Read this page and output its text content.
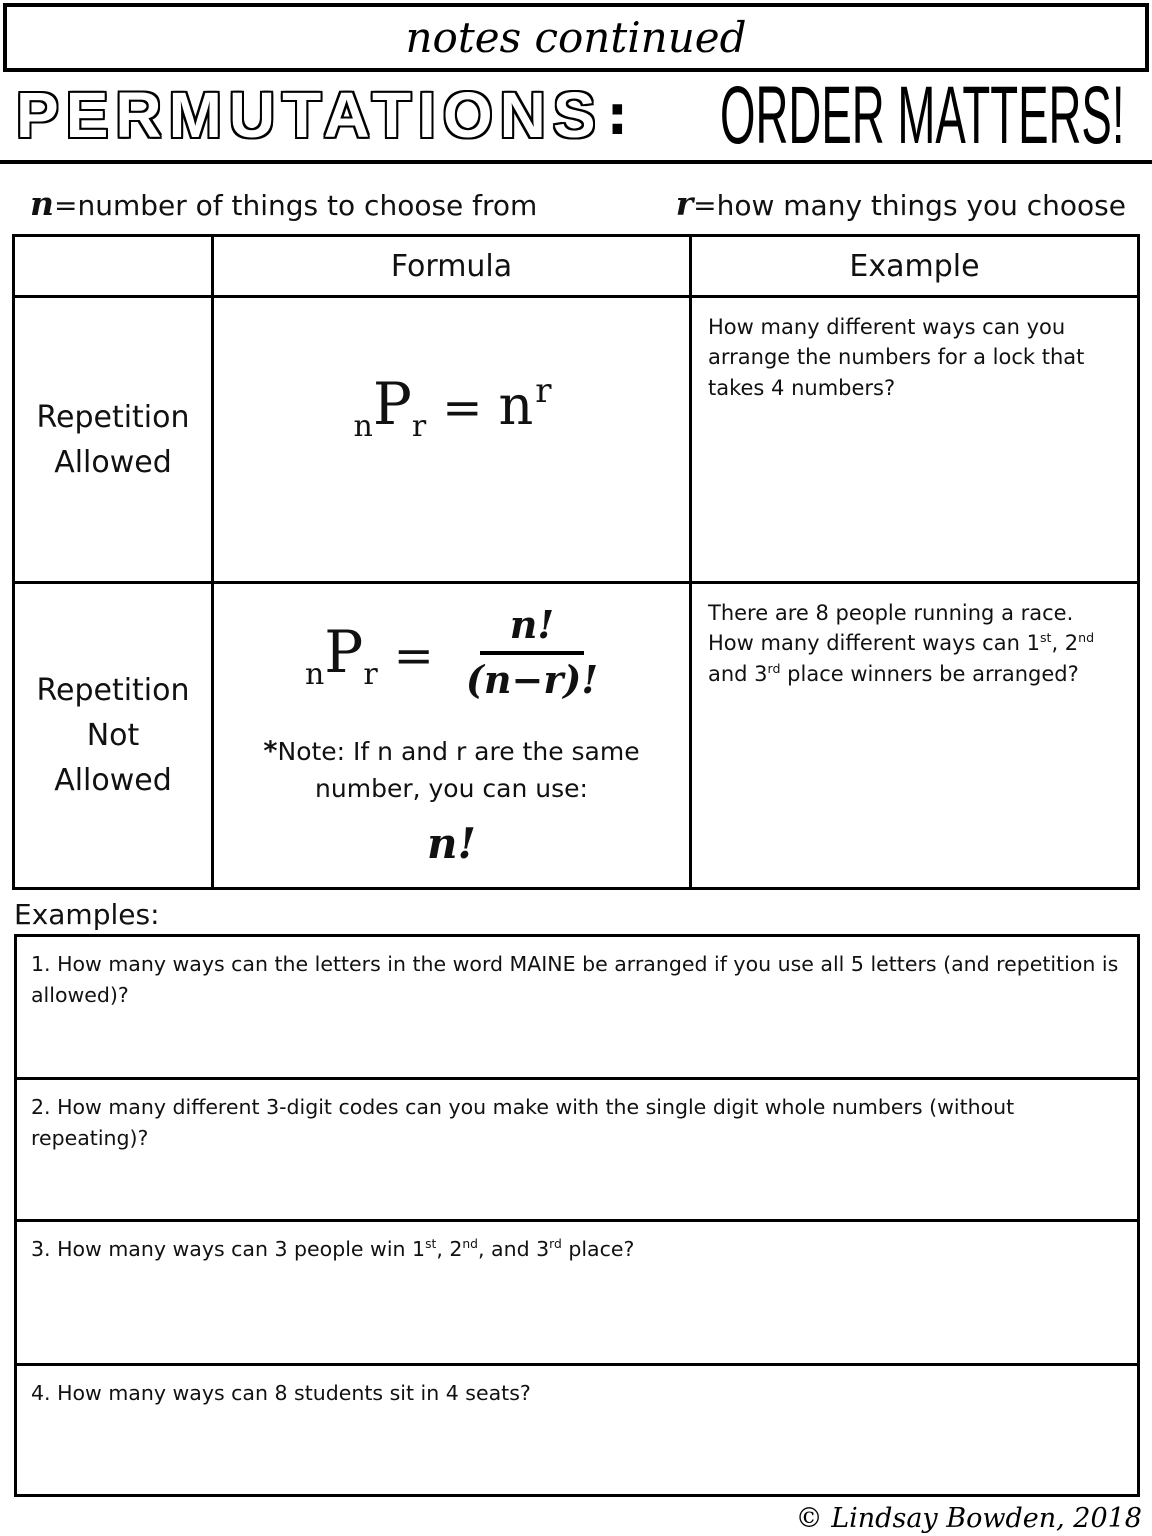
notes continued
PERMUTATIONS : ORDER MATTERS!
n=number of things to choose from	r=how many things you choose
Formula	Example
Repetition
Allowed
n P r = n r
How many different ways can you arrange the numbers for a lock that takes 4 numbers?
Repetition
Not
Allowed
n P $r = \frac{n!}{(n-r)!}$
*Note: If n and r are the same number, you can use:
n!
There are 8 people running a race. How many different ways can 1st, 2nd and 3rd place winners be arranged?
Examples:
1. How many ways can the letters in the word MAINE be arranged if you use all 5 letters (and repetition is allowed)?
2. How many different 3-digit codes can you make with the single digit whole numbers (without repeating)?
3. How many ways can 3 people win 1st, 2nd, and 3rd place?
4. How many ways can 8 students sit in 4 seats?
© Lindsay Bowden, 2018
